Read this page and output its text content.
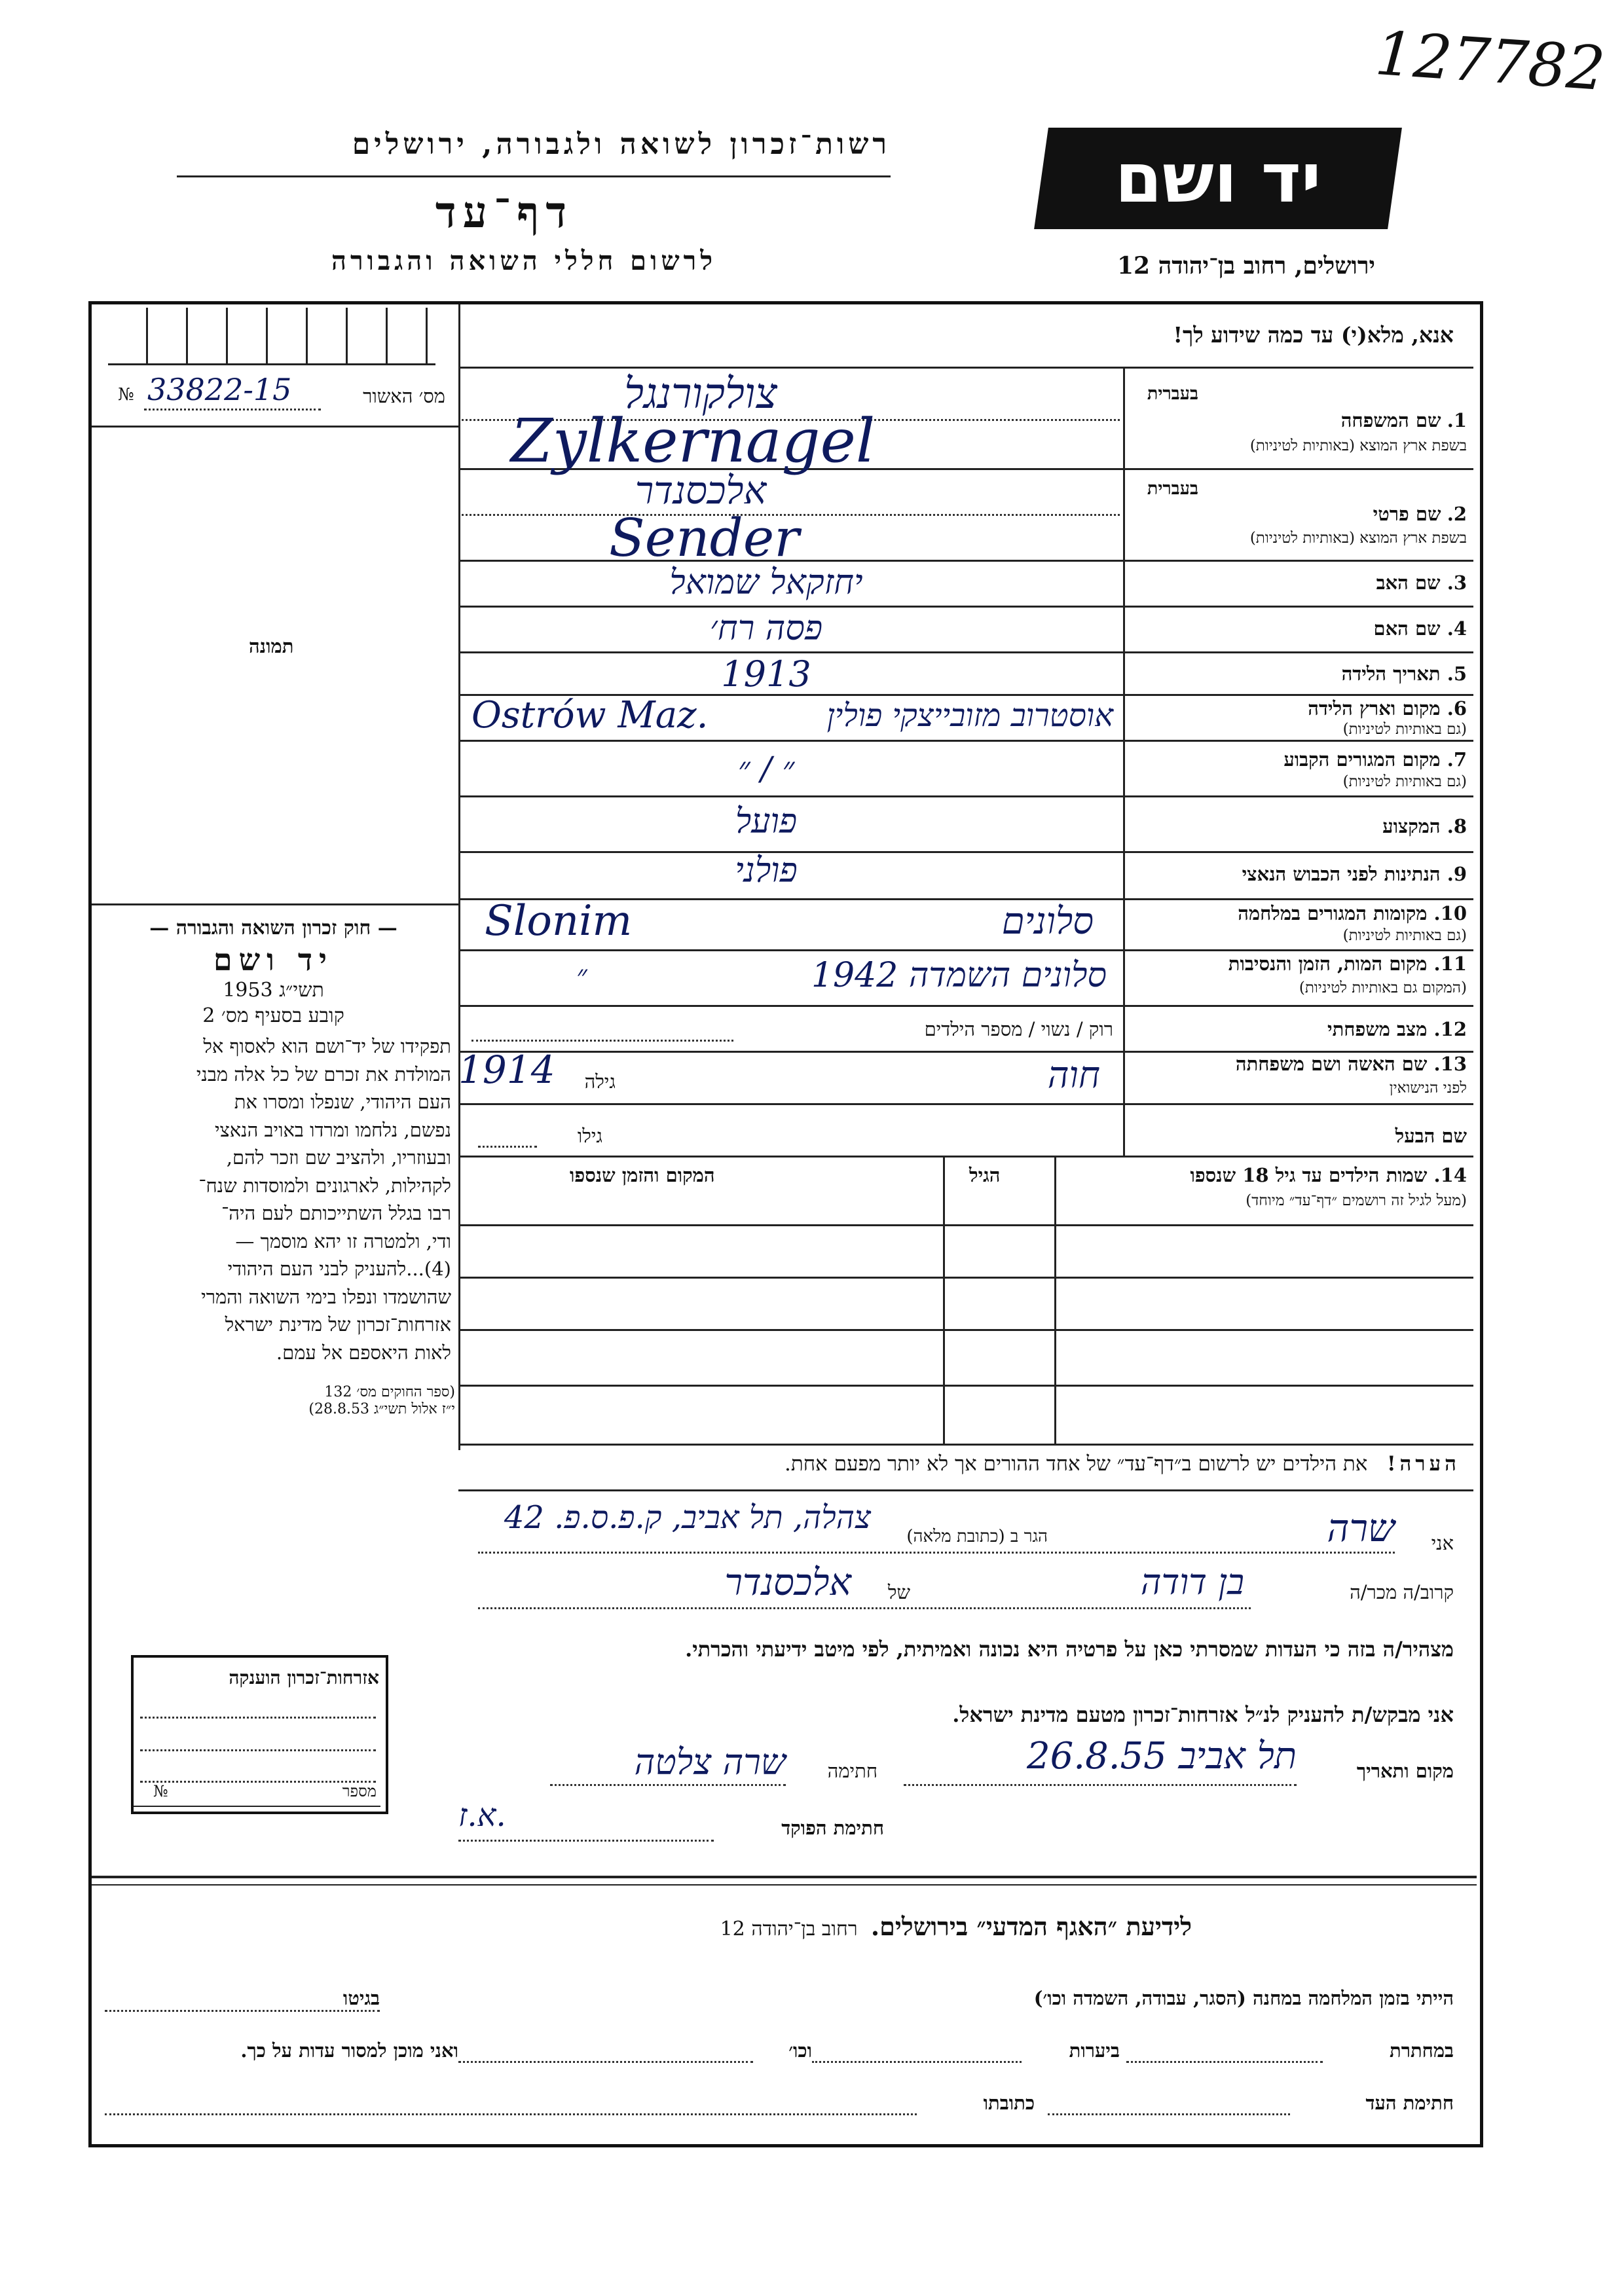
127782
רשות־זכרון לשואה ולגבורה, ירושלים
דף־עד
לרשום חללי השואה והגבורה
יד ושם
ירושלים, רחוב בן־יהודה 12
מס׳ האשור
№ 33822-15
תמונה
— חוק זכרון השואה והגבורה —
יד ושם
תשי״ג 1953
קובע בסעיף מס׳ 2
תפקידו של יד־ושם הוא לאסוף אל
המולדת את זכרם של כל אלה מבני
העם היהודי, שנפלו ומסרו את
נפשם, נלחמו ומרדו באויב הנאצי
ובעוזריו, ולהציב שם וזכר להם,
לקהילות, לארגונים ולמוסדות שנח־
רבו בגלל השתייכותם לעם היה־
ודי, ולמטרה זו יהא מוסמך —
(4)...להעניק לבני העם היהודי
שהושמדו ונפלו בימי השואה והמרי
אזרחות־זכרון של מדינת ישראל
לאות היאספם אל עמם.
(ספר החוקים מס׳ 132
י״ז אלול תשי״ג 28.8.53)
אזרחות־זכרון הוענקה
מספר
№
אנא, מלא(י) עד כמה שידוע לך!
בעברית
1. שם המשפחה
בשפת ארץ המוצא (באותיות לטיניות)
צולקורנגל
Zylkernagel
בעברית
2. שם פרטי
בשפת ארץ המוצא (באותיות לטיניות)
אלכסנדר
Sender
3. שם האב
יחזקאל שמואל
4. שם האם
פסה רח׳
5. תאריך הלידה
1913
6. מקום וארץ הלידה
(גם באותיות לטיניות)
אוסטרוב מזובייצקי פולין
Ostrów Maz.
7. מקום המגורים הקבוע
(גם באותיות לטיניות)
״ / ״
8. המקצוע
פועל
9. הנתינות לפני הכבוש הנאצי
פולני
10. מקומות המגורים במלחמה
(גם באותיות לטיניות)
סלונים
Slonim
11. מקום המות, הזמן והנסיבות
(המקום גם באותיות לטיניות)
״	סלונים השמדה 1942
12. מצב משפחתי
רוק / נשוי / מספר הילדים
13. שם האשה ושם משפחתה
לפני הנישואין
חוה
גילה
1914
שם הבעל
גילו
14. שמות הילדים עד גיל 18 שנספו
(מעל לגיל זה רושמים ״דף־עד״ מיוחד)
הגיל
המקום והזמן שנספו
הערה!   את הילדים יש לרשום ב״דף־עד״ של אחד ההורים אך לא יותר מפעם אחת.
אני
שרה
הגר ב (כתובת מלאה)
צהלה, תל אביב, ק.פ.ס.פ. 42
קרוב/ה מכר/ה
בן דודה
של
אלכסנדר
מצהיר/ה בזה כי העדות שמסרתי כאן על פרטיה היא נכונה ואמיתית, לפי מיטב ידיעתי והכרתי.
אני מבקש/ת להעניק לנ״ל אזרחות־זכרון מטעם מדינת ישראל.
מקום ותאריך
תל אביב 26.8.55
חתימה
שרה צלטה
חתימת הפוקד
א.ז.
לידיעת ״האגף המדעי״ בירושלים.    רחוב בן־יהודה 12
הייתי בזמן המלחמה במחנה (הסגר, עבודה, השמדה וכו׳)
בגיטו
במחתרת
ביערות
וכו׳
ואני מוכן למסור עדות על כך.
חתימת העד
כתובתו
